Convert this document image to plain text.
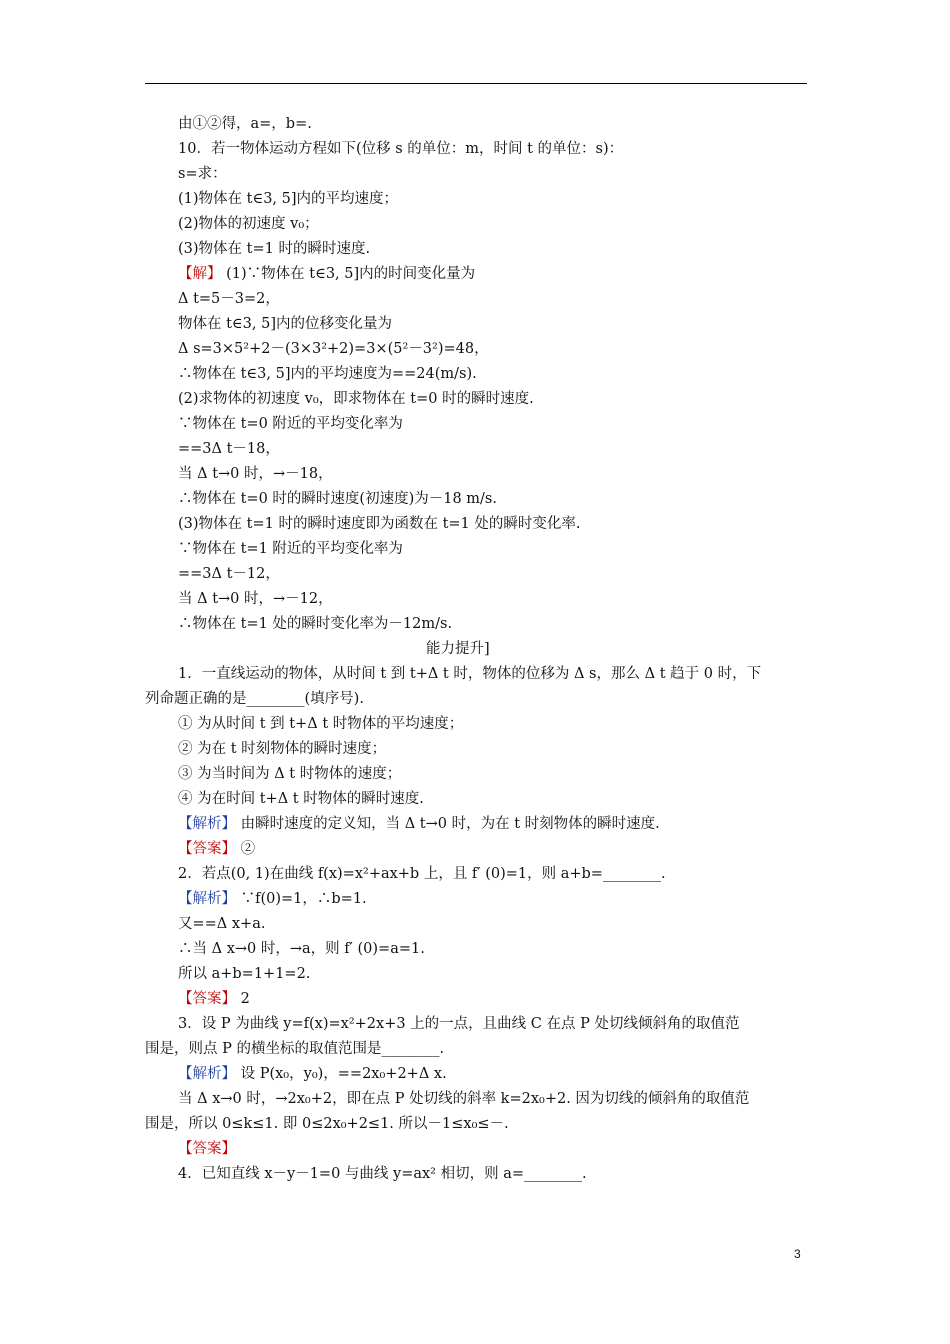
由①②得，a=，b=.
10．若一物体运动方程如下(位移 s 的单位：m，时间 t 的单位：s)：
s=求：
(1)物体在 t∈3, 5]内的平均速度；
(2)物体的初速度 v₀；
(3)物体在 t=1 时的瞬时速度.
【解】 (1)∵物体在 t∈3, 5]内的时间变化量为
Δ t=5－3=2，
物体在 t∈3, 5]内的位移变化量为
Δ s=3×5²+2－(3×3²+2)=3×(5²－3²)=48，
∴物体在 t∈3, 5]内的平均速度为==24(m/s).
(2)求物体的初速度 v₀，即求物体在 t=0 时的瞬时速度.
∵物体在 t=0 附近的平均变化率为
==3Δ t－18，
当 Δ t→0 时，→－18，
∴物体在 t=0 时的瞬时速度(初速度)为－18 m/s.
(3)物体在 t=1 时的瞬时速度即为函数在 t=1 处的瞬时变化率.
∵物体在 t=1 附近的平均变化率为
==3Δ t－12，
当 Δ t→0 时，→－12，
∴物体在 t=1 处的瞬时变化率为－12m/s.
能力提升]
1．一直线运动的物体，从时间 t 到 t+Δ t 时，物体的位移为 Δ s，那么 Δ t 趋于 0 时，下
列命题正确的是________(填序号).
① 为从时间 t 到 t+Δ t 时物体的平均速度；
② 为在 t 时刻物体的瞬时速度；
③ 为当时间为 Δ t 时物体的速度；
④ 为在时间 t+Δ t 时物体的瞬时速度.
【解析】 由瞬时速度的定义知，当 Δ t→0 时，为在 t 时刻物体的瞬时速度.
【答案】 ②
2．若点(0, 1)在曲线 f(x)=x²+ax+b 上，且 f′ (0)=1，则 a+b=________.
【解析】 ∵f(0)=1，∴b=1.
又==Δ x+a.
∴当 Δ x→0 时，→a，则 f′ (0)=a=1.
所以 a+b=1+1=2.
【答案】 2
3．设 P 为曲线 y=f(x)=x²+2x+3 上的一点，且曲线 C 在点 P 处切线倾斜角的取值范
围是，则点 P 的横坐标的取值范围是________.
【解析】 设 P(x₀，y₀)，==2x₀+2+Δ x.
当 Δ x→0 时，→2x₀+2，即在点 P 处切线的斜率 k=2x₀+2. 因为切线的倾斜角的取值范
围是，所以 0≤k≤1. 即 0≤2x₀+2≤1. 所以－1≤x₀≤－.
【答案】
4．已知直线 x－y－1=0 与曲线 y=ax² 相切，则 a=________.
3
